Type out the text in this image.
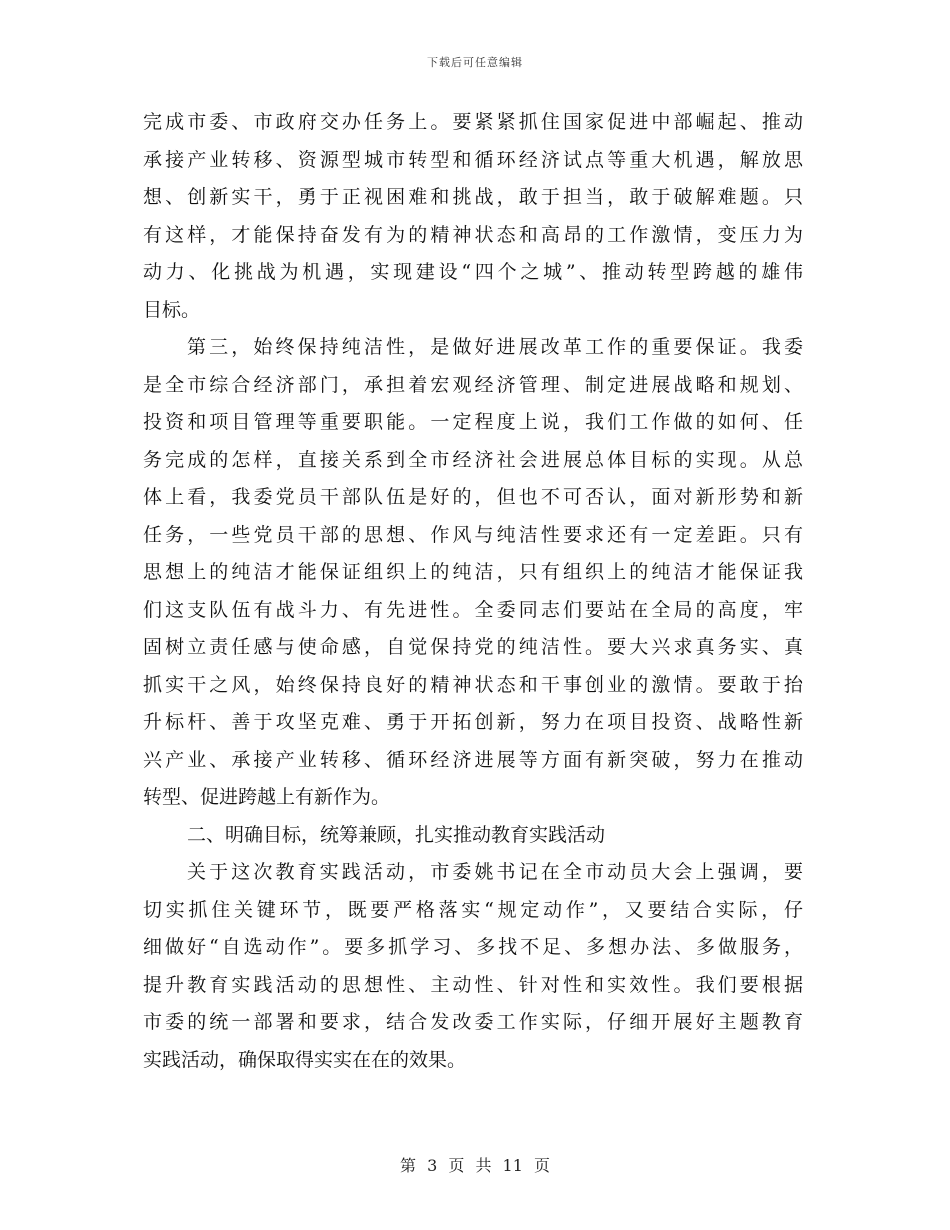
下载后可任意编辑
完成市委、市政府交办任务上。要紧紧抓住国家促进中部崛起、推动
承接产业转移、资源型城市转型和循环经济试点等重大机遇，解放思
想、创新实干，勇于正视困难和挑战，敢于担当，敢于破解难题。只
有这样，才能保持奋发有为的精神状态和高昂的工作激情，变压力为
动力、化挑战为机遇，实现建设“四个之城”、推动转型跨越的雄伟
目标。
第三，始终保持纯洁性，是做好进展改革工作的重要保证。我委
是全市综合经济部门，承担着宏观经济管理、制定进展战略和规划、
投资和项目管理等重要职能。一定程度上说，我们工作做的如何、任
务完成的怎样，直接关系到全市经济社会进展总体目标的实现。从总
体上看，我委党员干部队伍是好的，但也不可否认，面对新形势和新
任务，一些党员干部的思想、作风与纯洁性要求还有一定差距。只有
思想上的纯洁才能保证组织上的纯洁，只有组织上的纯洁才能保证我
们这支队伍有战斗力、有先进性。全委同志们要站在全局的高度，牢
固树立责任感与使命感，自觉保持党的纯洁性。要大兴求真务实、真
抓实干之风，始终保持良好的精神状态和干事创业的激情。要敢于抬
升标杆、善于攻坚克难、勇于开拓创新，努力在项目投资、战略性新
兴产业、承接产业转移、循环经济进展等方面有新突破，努力在推动
转型、促进跨越上有新作为。
二、明确目标，统筹兼顾，扎实推动教育实践活动
关于这次教育实践活动，市委姚书记在全市动员大会上强调，要
切实抓住关键环节，既要严格落实“规定动作”，又要结合实际，仔
细做好“自选动作”。要多抓学习、多找不足、多想办法、多做服务，
提升教育实践活动的思想性、主动性、针对性和实效性。我们要根据
市委的统一部署和要求，结合发改委工作实际，仔细开展好主题教育
实践活动，确保取得实实在在的效果。
第 3 页 共 11 页
